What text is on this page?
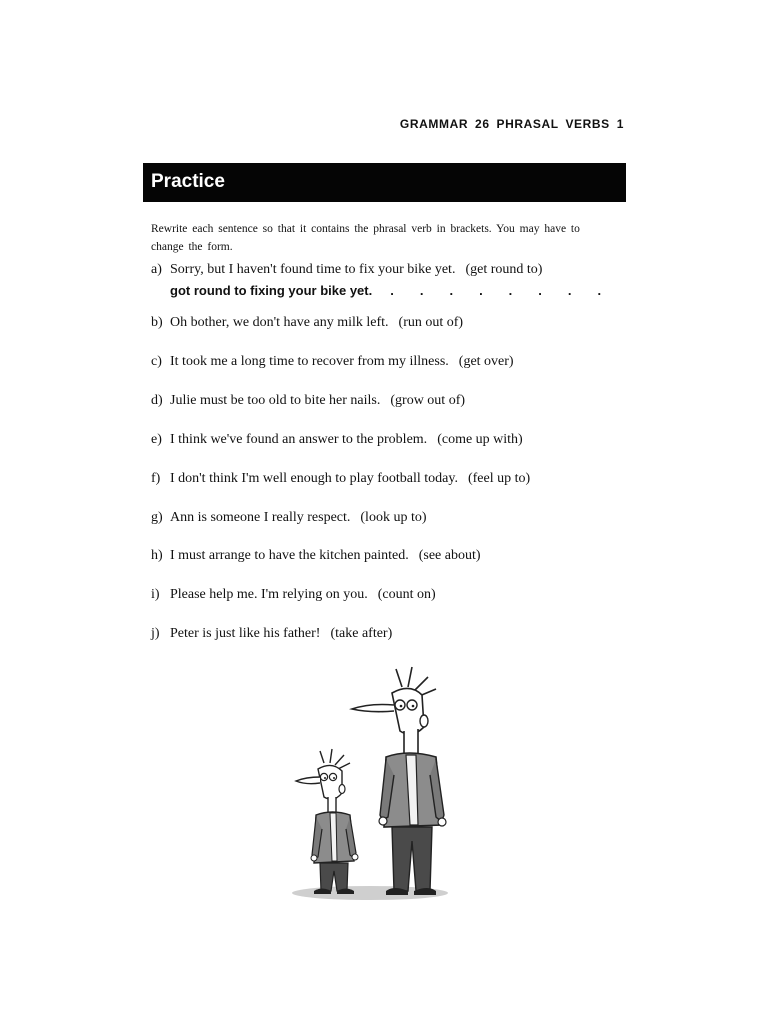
GRAMMAR 26 PHRASAL VERBS 1
Practice
Rewrite each sentence so that it contains the phrasal verb in brackets. You may have to change the form.
a) Sorry, but I haven't found time to fix your bike yet. (get round to)
got round to fixing your bike yet. ........
b) Oh bother, we don't have any milk left. (run out of)
c) It took me a long time to recover from my illness. (get over)
d) Julie must be too old to bite her nails. (grow out of)
e) I think we've found an answer to the problem. (come up with)
f) I don't think I'm well enough to play football today. (feel up to)
g) Ann is someone I really respect. (look up to)
h) I must arrange to have the kitchen painted. (see about)
i) Please help me. I'm relying on you. (count on)
j) Peter is just like his father! (take after)
